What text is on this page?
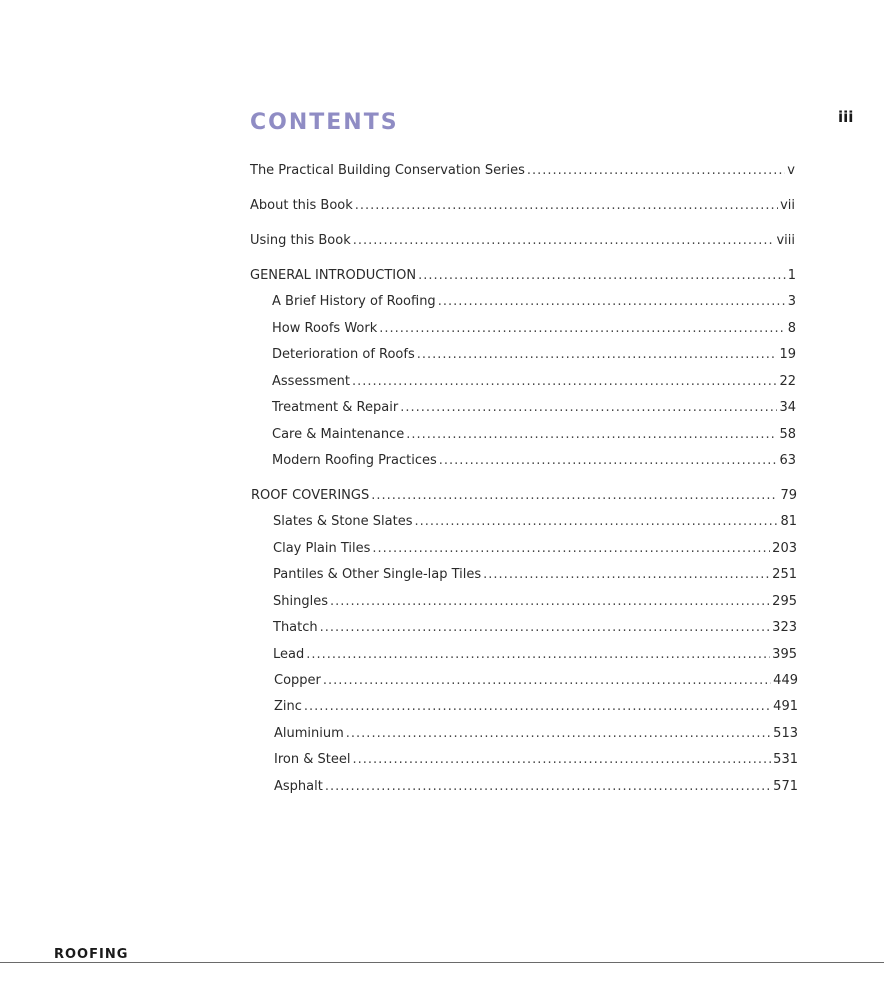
CONTENTS	iii
The Practical Building Conservation Series .....	v
About this Book .....	vii
Using this Book .....	viii
GENERAL INTRODUCTION .....	1
A Brief History of Roofing .....	3
How Roofs Work .....	8
Deterioration of Roofs .....	19
Assessment .....	22
Treatment & Repair .....	34
Care & Maintenance .....	58
Modern Roofing Practices .....	63
ROOF COVERINGS .....	79
Slates & Stone Slates .....	81
Clay Plain Tiles .....	203
Pantiles & Other Single-lap Tiles .....	251
Shingles .....	295
Thatch .....	323
Lead .....	395
Copper .....	449
Zinc .....	491
Aluminium .....	513
Iron & Steel .....	531
Asphalt .....	571
ROOFING
